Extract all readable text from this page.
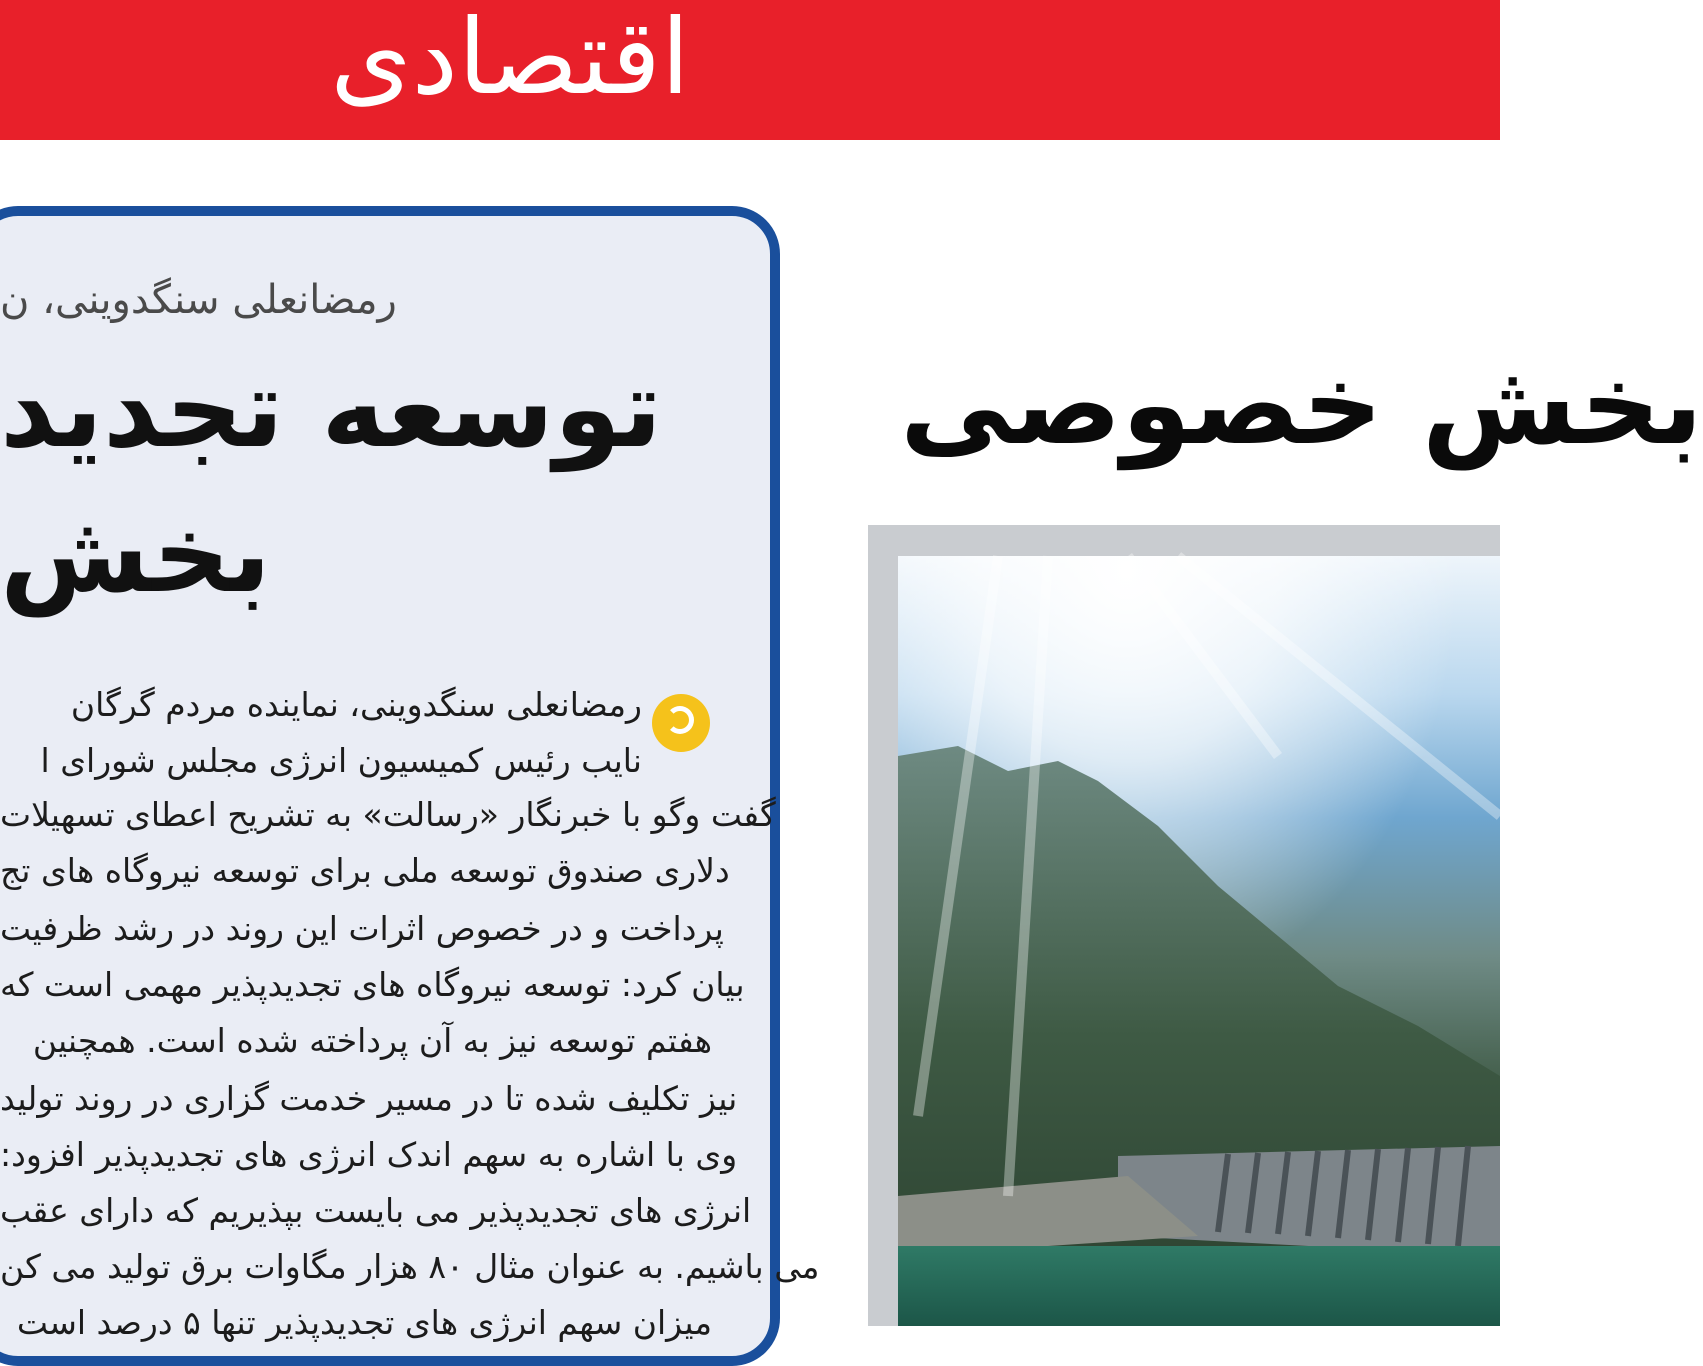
اقتصادی
بخش خصوصی
رمضانعلی سنگدوینی، ن
توسعه تجدید
بخش
رمضانعلی سنگدوینی، نماینده مردم گرگان
نایب رئیس کمیسیون انرژی مجلس شورای ا
گفت وگو با خبرنگار «رسالت» به تشریح اعطای تسهیلات
دلاری صندوق توسعه ملی برای توسعه نیروگاه های تج
پرداخت و در خصوص اثرات این روند در رشد ظرفیت
بیان کرد: توسعه نیروگاه های تجدیدپذیر مهمی است که
هفتم توسعه نیز به آن پرداخته شده است. همچنین
نیز تکلیف شده تا در مسیر خدمت گزاری در روند تولید
وی با اشاره به سهم اندک انرژی های تجدیدپذیر افزود:
انرژی های تجدیدپذیر می بایست بپذیریم که دارای عقب
می باشیم. به عنوان مثال ۸۰ هزار مگاوات برق تولید می کن
میزان سهم انرژی های تجدیدپذیر تنها ۵ درصد است
